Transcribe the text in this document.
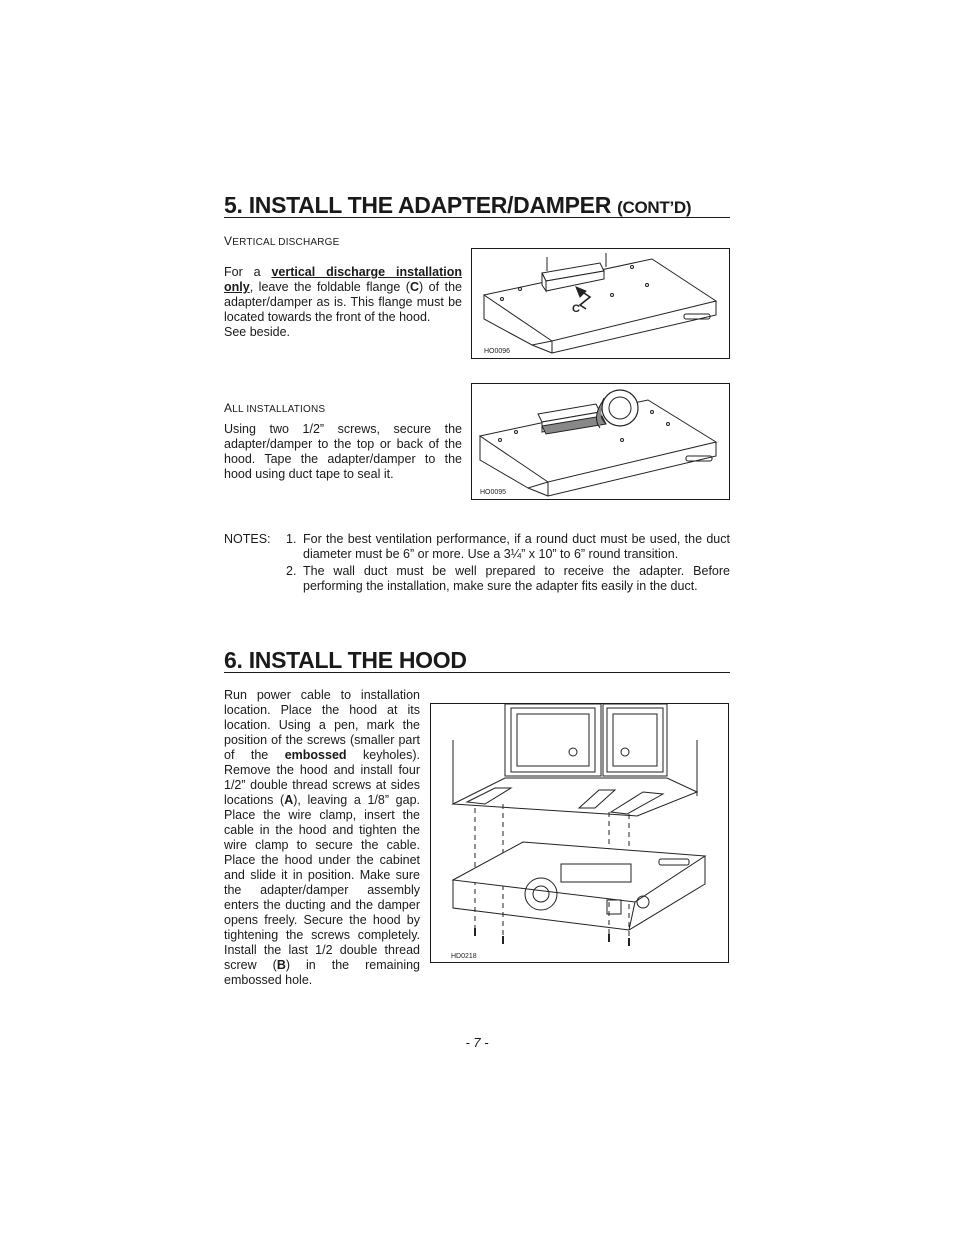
5. INSTALL THE ADAPTER/DAMPER (CONT’D)
VERTICAL DISCHARGE
For a vertical discharge installation only, leave the foldable flange (C) of the adapter/damper as is. This flange must be located towards the front of the hood.
See beside.
C
HO0096
ALL INSTALLATIONS
Using two 1/2” screws, secure the adapter/damper to the top or back of the hood. Tape the adapter/damper to the hood using duct tape to seal it.
HO0095
NOTES: 1. For the best ventilation performance, if a round duct must be used, the duct diameter must be 6” or more. Use a 3¼” x 10” to 6” round transition.
2. The wall duct must be well prepared to receive the adapter. Before performing the installation, make sure the adapter fits easily in the duct.
6. INSTALL THE HOOD
Run power cable to installation location. Place the hood at its location. Using a pen, mark the position of the screws (smaller part of the embossed keyholes). Remove the hood and install four 1/2” double thread screws at sides locations (A), leaving a 1/8” gap. Place the wire clamp, insert the cable in the hood and tighten the wire clamp to secure the cable. Place the hood under the cabinet and slide it in position. Make sure the adapter/damper assembly enters the ducting and the damper opens freely. Secure the hood by tightening the screws completely. Install the last 1/2 double thread screw (B) in the remaining embossed hole.
HD0218
- 7 -
